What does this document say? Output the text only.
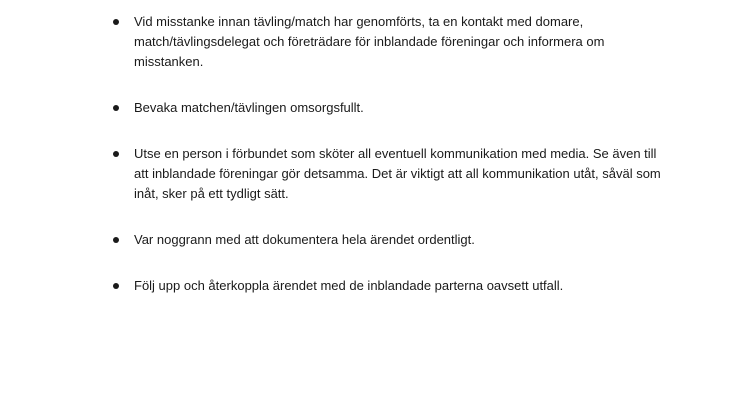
Vid misstanke innan tävling/match har genomförts, ta en kontakt med domare, match/tävlingsdelegat och företrädare för inblandade föreningar och informera om misstanken.
Bevaka matchen/tävlingen omsorgsfullt.
Utse en person i förbundet som sköter all eventuell kommunikation med media. Se även till att inblandade föreningar gör detsamma. Det är viktigt att all kommunikation utåt, såväl som inåt, sker på ett tydligt sätt.
Var noggrann med att dokumentera hela ärendet ordentligt.
Följ upp och återkoppla ärendet med de inblandade parterna oavsett utfall.
